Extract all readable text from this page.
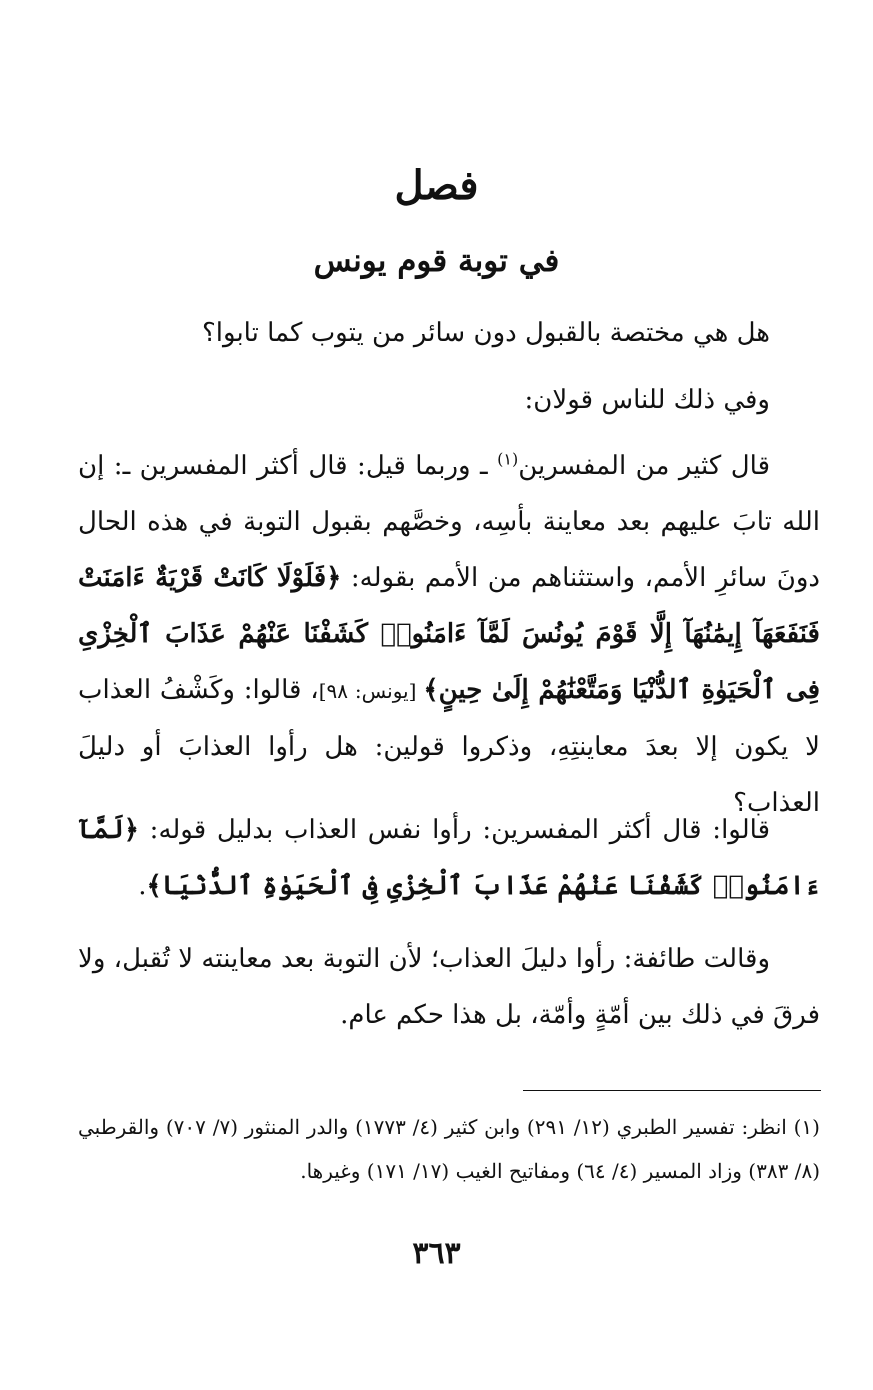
فصل
في توبة قوم يونس

هل هي مختصة بالقبول دون سائر من يتوب كما تابوا؟

وفي ذلك للناس قولان:

قال كثير من المفسرين$^{(١)}$ ـ وربما قيل: قال أكثر المفسرين ـ: إن الله تابَ عليهم بعد معاينة بأسِه، وخصَّهم بقبول التوبة في هذه الحال دونَ سائرِ الأمم، واستثناهم من الأمم بقوله: ﴿فَلَوْلَا كَانَتْ قَرْيَةٌ ءَامَنَتْ فَنَفَعَهَآ إِيمَٰنُهَآ إِلَّا قَوْمَ يُونُسَ لَمَّآ ءَامَنُوا۟ كَشَفْنَا عَنْهُمْ عَذَابَ ٱلْخِزْىِ فِى ٱلْحَيَوٰةِ ٱلدُّنْيَا وَمَتَّعْنَٰهُمْ إِلَىٰ حِينٍ﴾ [يونس: ٩٨]، قالوا: وكَشْفُ العذاب لا يكون إلا بعدَ معاينتِهِ، وذكروا قولين: هل رأوا العذابَ أو دليلَ العذاب؟

قالوا: قال أكثر المفسرين: رأوا نفس العذاب بدليل قوله: ﴿لَمَّآ ءَامَنُوا۟ كَشَفْنَا عَنْهُمْ عَذَابَ ٱلْخِزْىِ فِى ٱلْحَيَوٰةِ ٱلدُّنْيَا﴾.

وقالت طائفة: رأوا دليلَ العذاب؛ لأن التوبة بعد معاينته لا تُقبل، ولا فرقَ في ذلك بين أمّةٍ وأمّة، بل هذا حكم عام.

(١) انظر: تفسير الطبري (١٢/ ٢٩١) وابن كثير (٤/ ١٧٧٣) والدر المنثور (٧/ ٧٠٧) والقرطبي (٨/ ٣٨٣) وزاد المسير (٤/ ٦٤) ومفاتيح الغيب (١٧/ ١٧١) وغيرها.

٣٦٣
